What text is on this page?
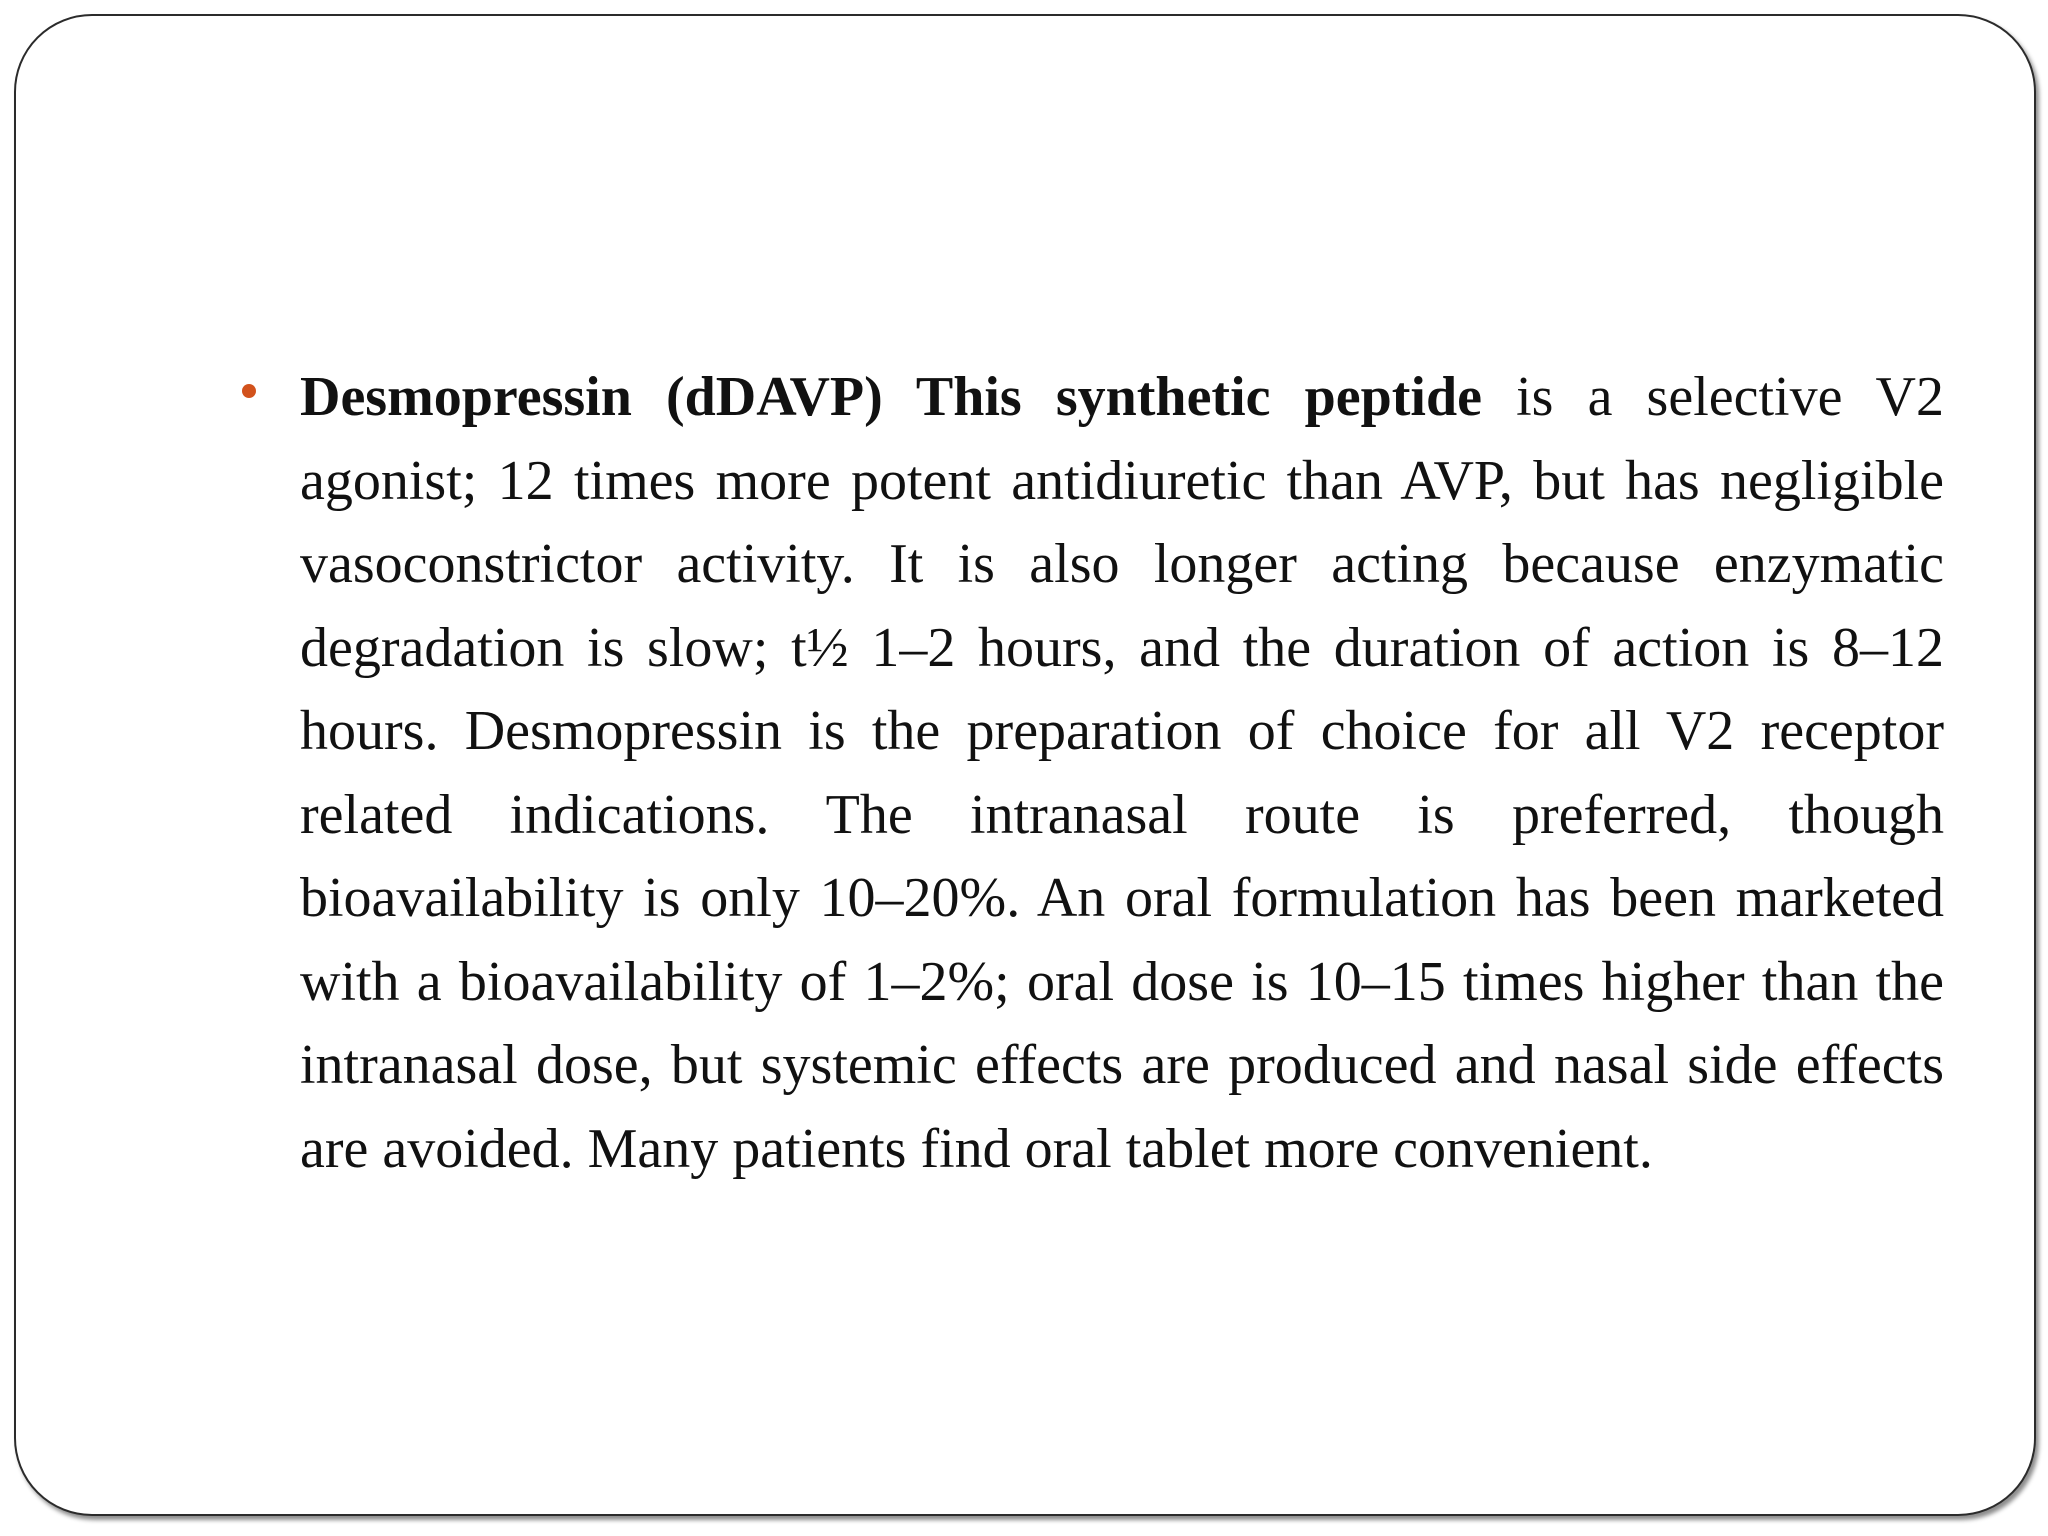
Desmopressin (dDAVP) This synthetic peptide is a selective V2 agonist; 12 times more potent antidiuretic than AVP, but has negligible vasoconstrictor activity. It is also longer acting because enzymatic degradation is slow; t½ 1–2 hours, and the duration of action is 8–12 hours. Desmopressin is the preparation of choice for all V2 receptor related indications. The intranasal route is preferred, though bioavailability is only 10–20%. An oral formulation has been marketed with a bioavailability of 1–2%; oral dose is 10–15 times higher than the intranasal dose, but systemic effects are produced and nasal side effects are avoided. Many patients find oral tablet more convenient.
